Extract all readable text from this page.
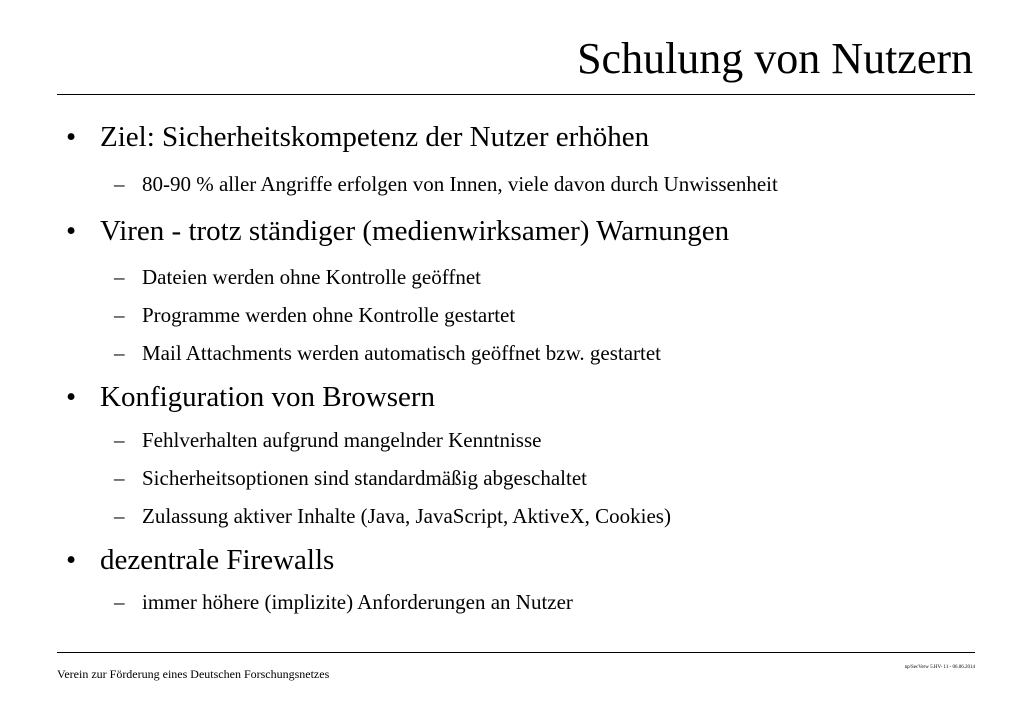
Schulung von Nutzern
• Ziel: Sicherheitskompetenz der Nutzer erhöhen
– 80-90 % aller Angriffe erfolgen von Innen, viele davon durch Unwissenheit
• Viren - trotz ständiger (medienwirksamer) Warnungen
– Dateien werden ohne Kontrolle geöffnet
– Programme werden ohne Kontrolle gestartet
– Mail Attachments werden automatisch geöffnet bzw. gestartet
• Konfiguration von Browsern
– Fehlverhalten aufgrund mangelnder Kenntnisse
– Sicherheitsoptionen sind standardmäßig abgeschaltet
– Zulassung aktiver Inhalte (Java, JavaScript, AktiveX, Cookies)
• dezentrale Firewalls
– immer höhere (implizite) Anforderungen an Nutzer
Verein zur Förderung eines Deutschen Forschungsnetzes	np/SecVerw 5.HV- 11 - 06.06.2014
